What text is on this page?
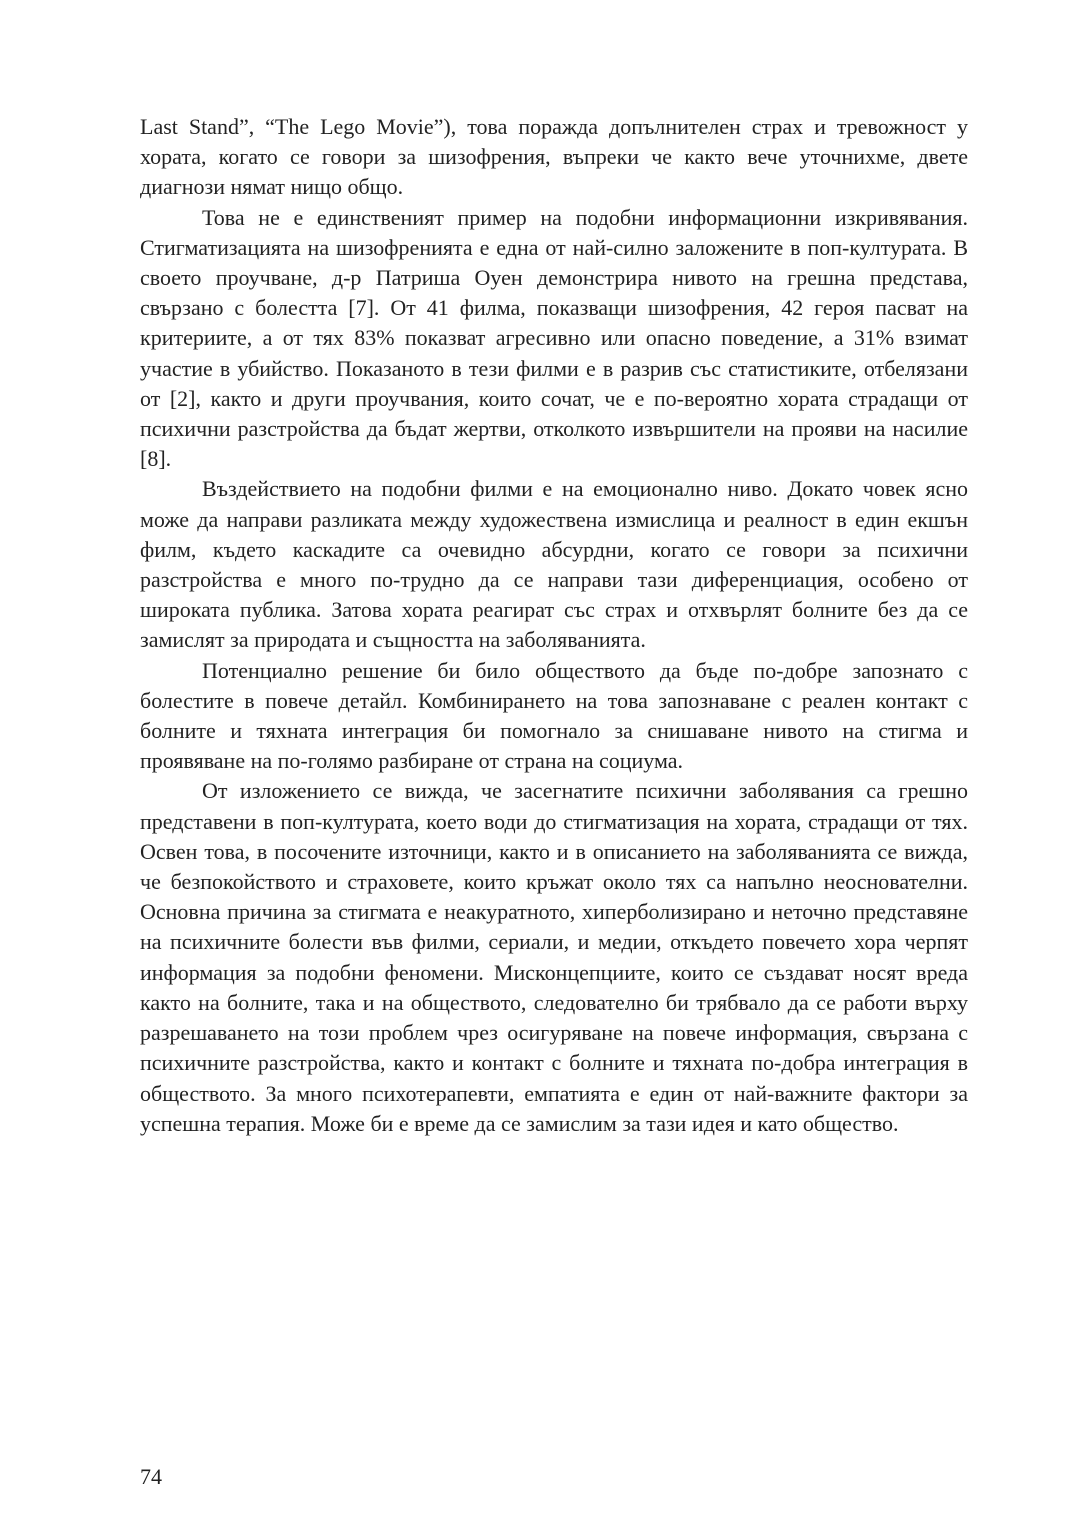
Last Stand”, “The Lego Movie”), това поражда допълнителен страх и тревожност у хората, когато се говори за шизофрения, въпреки че както вече уточнихме, двете диагнози нямат нищо общо.

Това не е единственият пример на подобни информационни изкривявания. Стигматизацията на шизофренията е една от най-силно заложените в поп-културата. В своето проучване, д-р Патриша Оуен демонстрира нивото на грешна представа, свързано с болестта [7]. От 41 филма, показващи шизофрения, 42 героя пасват на критериите, а от тях 83% показват агресивно или опасно поведение, а 31% взимат участие в убийство. Показаното в тези филми е в разрив със статистиките, отбелязани от [2], както и други проучвания, които сочат, че е по-вероятно хората страдащи от психични разстройства да бъдат жертви, отколкото извършители на прояви на насилие [8].

Въздействието на подобни филми е на емоционално ниво. Докато човек ясно може да направи разликата между художествена измислица и реалност в един екшън филм, където каскадите са очевидно абсурдни, когато се говори за психични разстройства е много по-трудно да се направи тази диференциация, особено от широката публика. Затова хората реагират със страх и отхвърлят болните без да се замислят за природата и същността на заболяванията.

Потенциално решение би било обществото да бъде по-добре запознато с болестите в повече детайл. Комбинирането на това запознаване с реален контакт с болните и тяхната интеграция би помогнало за снишаване нивото на стигма и проявяване на по-голямо разбиране от страна на социума.

От изложението се вижда, че засегнатите психични заболявания са грешно представени в поп-културата, което води до стигматизация на хората, страдащи от тях. Освен това, в посочените източници, както и в описанието на заболяванията се вижда, че безпокойството и страховете, които кръжат около тях са напълно неоснователни. Основна причина за стигмата е неакуратното, хиперболизирано и неточно представяне на психичните болести във филми, сериали, и медии, откъдето повечето хора черпят информация за подобни феномени. Мисконцепциите, които се създават носят вреда както на болните, така и на обществото, следователно би трябвало да се работи върху разрешаването на този проблем чрез осигуряване на повече информация, свързана с психичните разстройства, както и контакт с болните и тяхната по-добра интеграция в обществото. За много психотерапевти, емпатията е един от най-важните фактори за успешна терапия. Може би е време да се замислим за тази идея и като общество.

74
